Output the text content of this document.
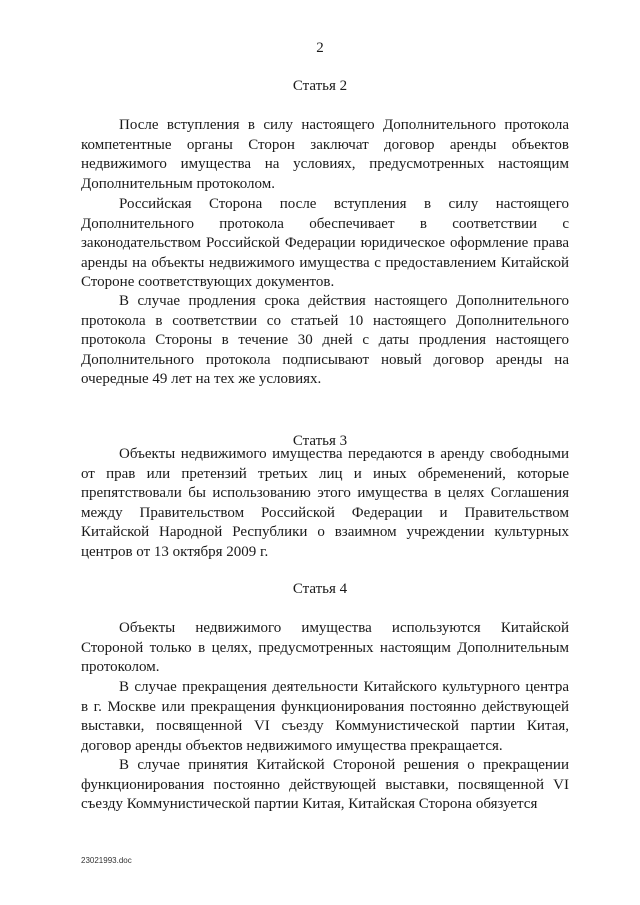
2
Статья 2

После вступления в силу настоящего Дополнительного протокола компетентные органы Сторон заключат договор аренды объектов недвижимого имущества на условиях, предусмотренных настоящим Дополнительным протоколом.

Российская Сторона после вступления в силу настоящего Дополнительного протокола обеспечивает в соответствии с законодательством Российской Федерации юридическое оформление права аренды на объекты недвижимого имущества с предоставлением Китайской Стороне соответствующих документов.

В случае продления срока действия настоящего Дополнительного протокола в соответствии со статьей 10 настоящего Дополнительного протокола Стороны в течение 30 дней с даты продления настоящего Дополнительного протокола подписывают новый договор аренды на очередные 49 лет на тех же условиях.

Статья 3

Объекты недвижимого имущества передаются в аренду свободными от прав или претензий третьих лиц и иных обременений, которые препятствовали бы использованию этого имущества в целях Соглашения между Правительством Российской Федерации и Правительством Китайской Народной Республики о взаимном учреждении культурных центров от 13 октября 2009 г.

Статья 4

Объекты недвижимого имущества используются Китайской Стороной только в целях, предусмотренных настоящим Дополнительным протоколом.

В случае прекращения деятельности Китайского культурного центра в г. Москве или прекращения функционирования постоянно действующей выставки, посвященной VI съезду Коммунистической партии Китая, договор аренды объектов недвижимого имущества прекращается.

В случае принятия Китайской Стороной решения о прекращении функционирования постоянно действующей выставки, посвященной VI съезду Коммунистической партии Китая, Китайская Сторона обязуется

23021993.doc
